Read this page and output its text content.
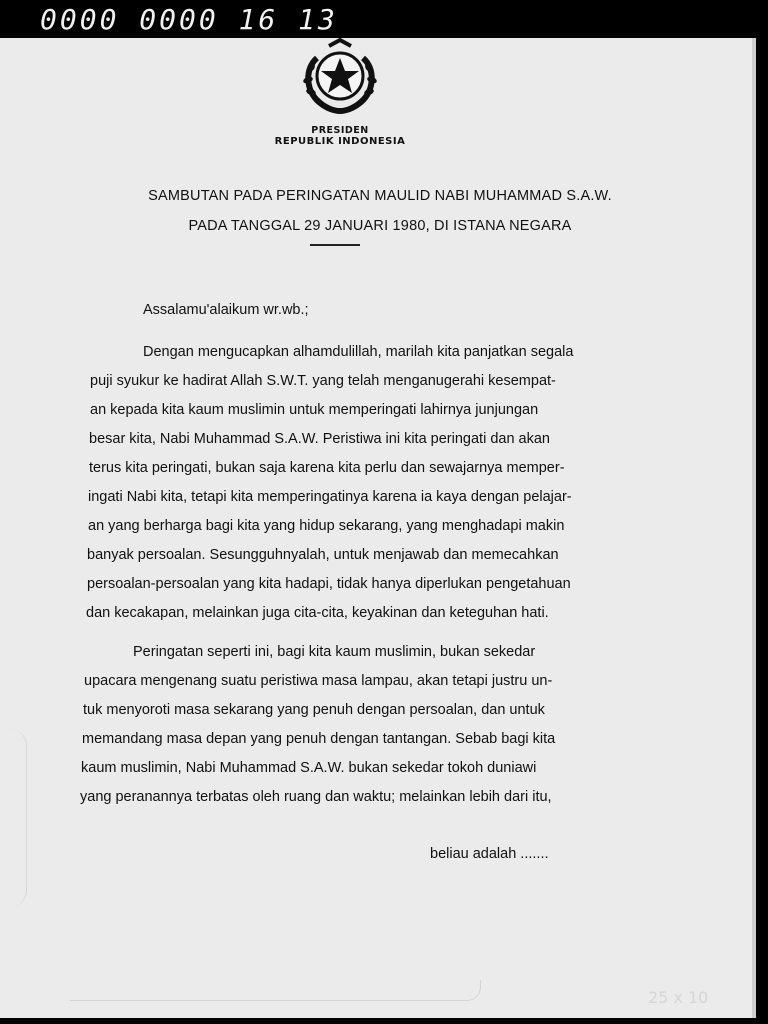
0000 0000 16 13
PRESIDEN
REPUBLIK INDONESIA
SAMBUTAN PADA PERINGATAN MAULID NABI MUHAMMAD S.A.W.
PADA TANGGAL 29 JANUARI 1980, DI ISTANA NEGARA
Assalamu'alaikum wr.wb.;
Dengan mengucapkan alhamdulillah, marilah kita panjatkan segala
puji syukur ke hadirat Allah S.W.T. yang telah menganugerahi kesempat-
an kepada kita kaum muslimin untuk memperingati lahirnya junjungan
besar kita, Nabi Muhammad S.A.W. Peristiwa ini kita peringati dan akan
terus kita peringati, bukan saja karena kita perlu dan sewajarnya memper-
ingati Nabi kita, tetapi kita memperingatinya karena ia kaya dengan pelajar-
an yang berharga bagi kita yang hidup sekarang, yang menghadapi makin
banyak persoalan. Sesungguhnyalah, untuk menjawab dan memecahkan
persoalan-persoalan yang kita hadapi, tidak hanya diperlukan pengetahuan
dan kecakapan, melainkan juga cita-cita, keyakinan dan keteguhan hati.
Peringatan seperti ini, bagi kita kaum muslimin, bukan sekedar
upacara mengenang suatu peristiwa masa lampau, akan tetapi justru un-
tuk menyoroti masa sekarang yang penuh dengan persoalan, dan untuk
memandang masa depan yang penuh dengan tantangan. Sebab bagi kita
kaum muslimin, Nabi Muhammad S.A.W. bukan sekedar tokoh duniawi
yang peranannya terbatas oleh ruang dan waktu; melainkan lebih dari itu,
beliau adalah .......
25 x 10
